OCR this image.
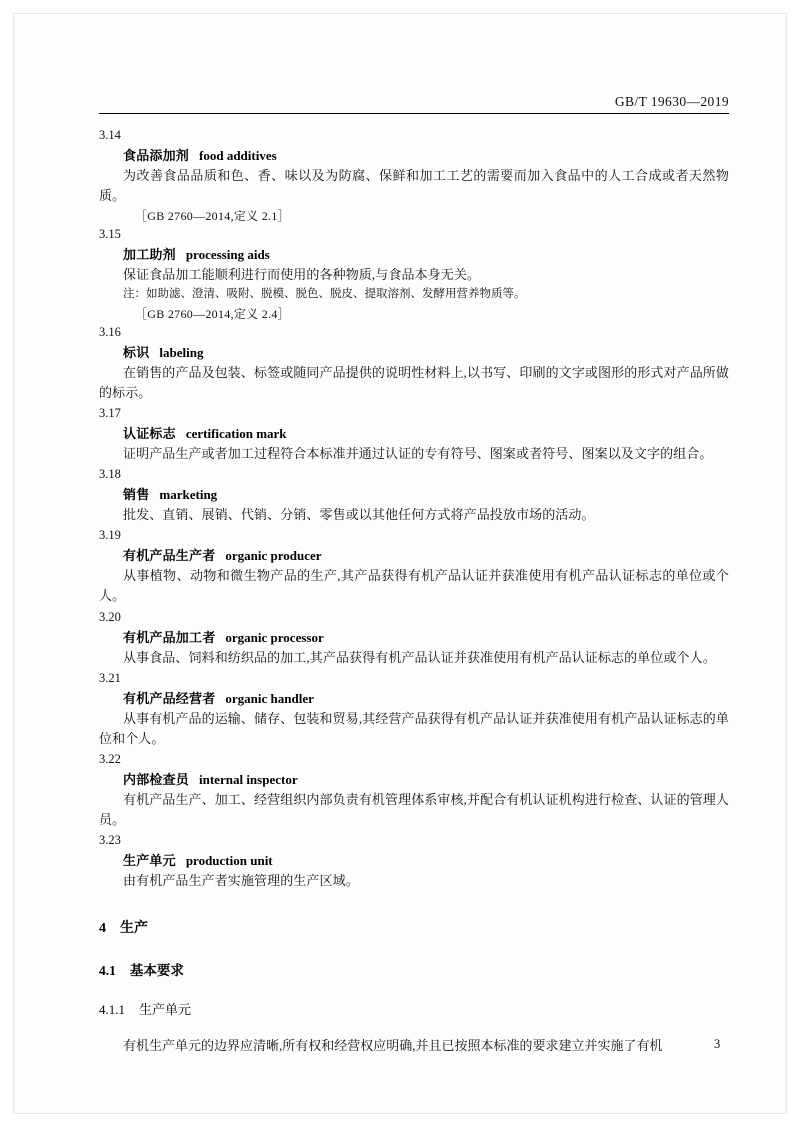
GB/T 19630—2019
3.14
食品添加剂 food additives
为改善食品品质和色、香、味以及为防腐、保鲜和加工工艺的需要而加入食品中的人工合成或者天然物质。
［GB 2760—2014,定义 2.1］
3.15
加工助剂 processing aids
保证食品加工能顺利进行而使用的各种物质,与食品本身无关。
注：如助滤、澄清、吸附、脱模、脱色、脱皮、提取溶剂、发酵用营养物质等。
［GB 2760—2014,定义 2.4］
3.16
标识 labeling
在销售的产品及包装、标签或随同产品提供的说明性材料上,以书写、印刷的文字或图形的形式对产品所做的标示。
3.17
认证标志 certification mark
证明产品生产或者加工过程符合本标准并通过认证的专有符号、图案或者符号、图案以及文字的组合。
3.18
销售 marketing
批发、直销、展销、代销、分销、零售或以其他任何方式将产品投放市场的活动。
3.19
有机产品生产者 organic producer
从事植物、动物和微生物产品的生产,其产品获得有机产品认证并获准使用有机产品认证标志的单位或个人。
3.20
有机产品加工者 organic processor
从事食品、饲料和纺织品的加工,其产品获得有机产品认证并获准使用有机产品认证标志的单位或个人。
3.21
有机产品经营者 organic handler
从事有机产品的运输、储存、包装和贸易,其经营产品获得有机产品认证并获准使用有机产品认证标志的单位和个人。
3.22
内部检查员 internal inspector
有机产品生产、加工、经营组织内部负责有机管理体系审核,并配合有机认证机构进行检查、认证的管理人员。
3.23
生产单元 production unit
由有机产品生产者实施管理的生产区域。
4 生产
4.1 基本要求
4.1.1 生产单元
有机生产单元的边界应清晰,所有权和经营权应明确,并且已按照本标准的要求建立并实施了有机	3
